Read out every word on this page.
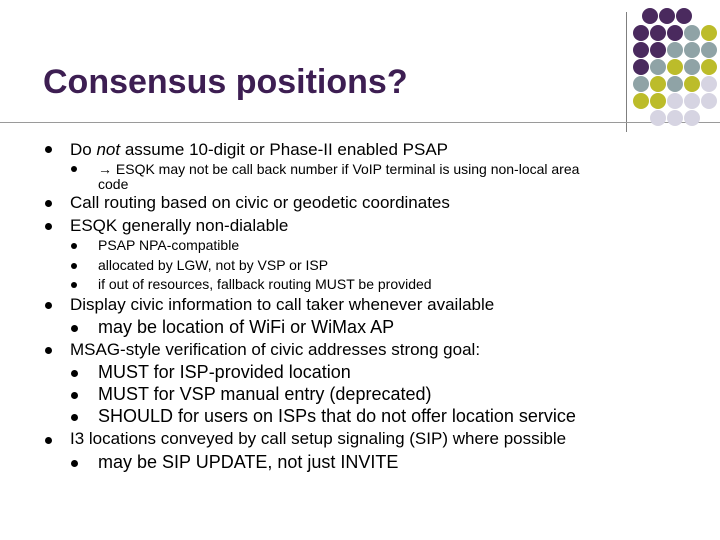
Consensus positions?
Do not assume 10-digit or Phase-II enabled PSAP
→ ESQK may not be call back number if VoIP terminal is using non-local area
code
Call routing based on civic or geodetic coordinates
ESQK generally non-dialable
PSAP NPA-compatible
allocated by LGW, not by VSP or ISP
if out of resources, fallback routing MUST be provided
Display civic information to call taker whenever available
may be location of WiFi or WiMax AP
MSAG-style verification of civic addresses strong goal:
MUST for ISP-provided location
MUST for VSP manual entry (deprecated)
SHOULD for users on ISPs that do not offer location service
I3 locations conveyed by call setup signaling (SIP) where possible
may be SIP UPDATE, not just INVITE
